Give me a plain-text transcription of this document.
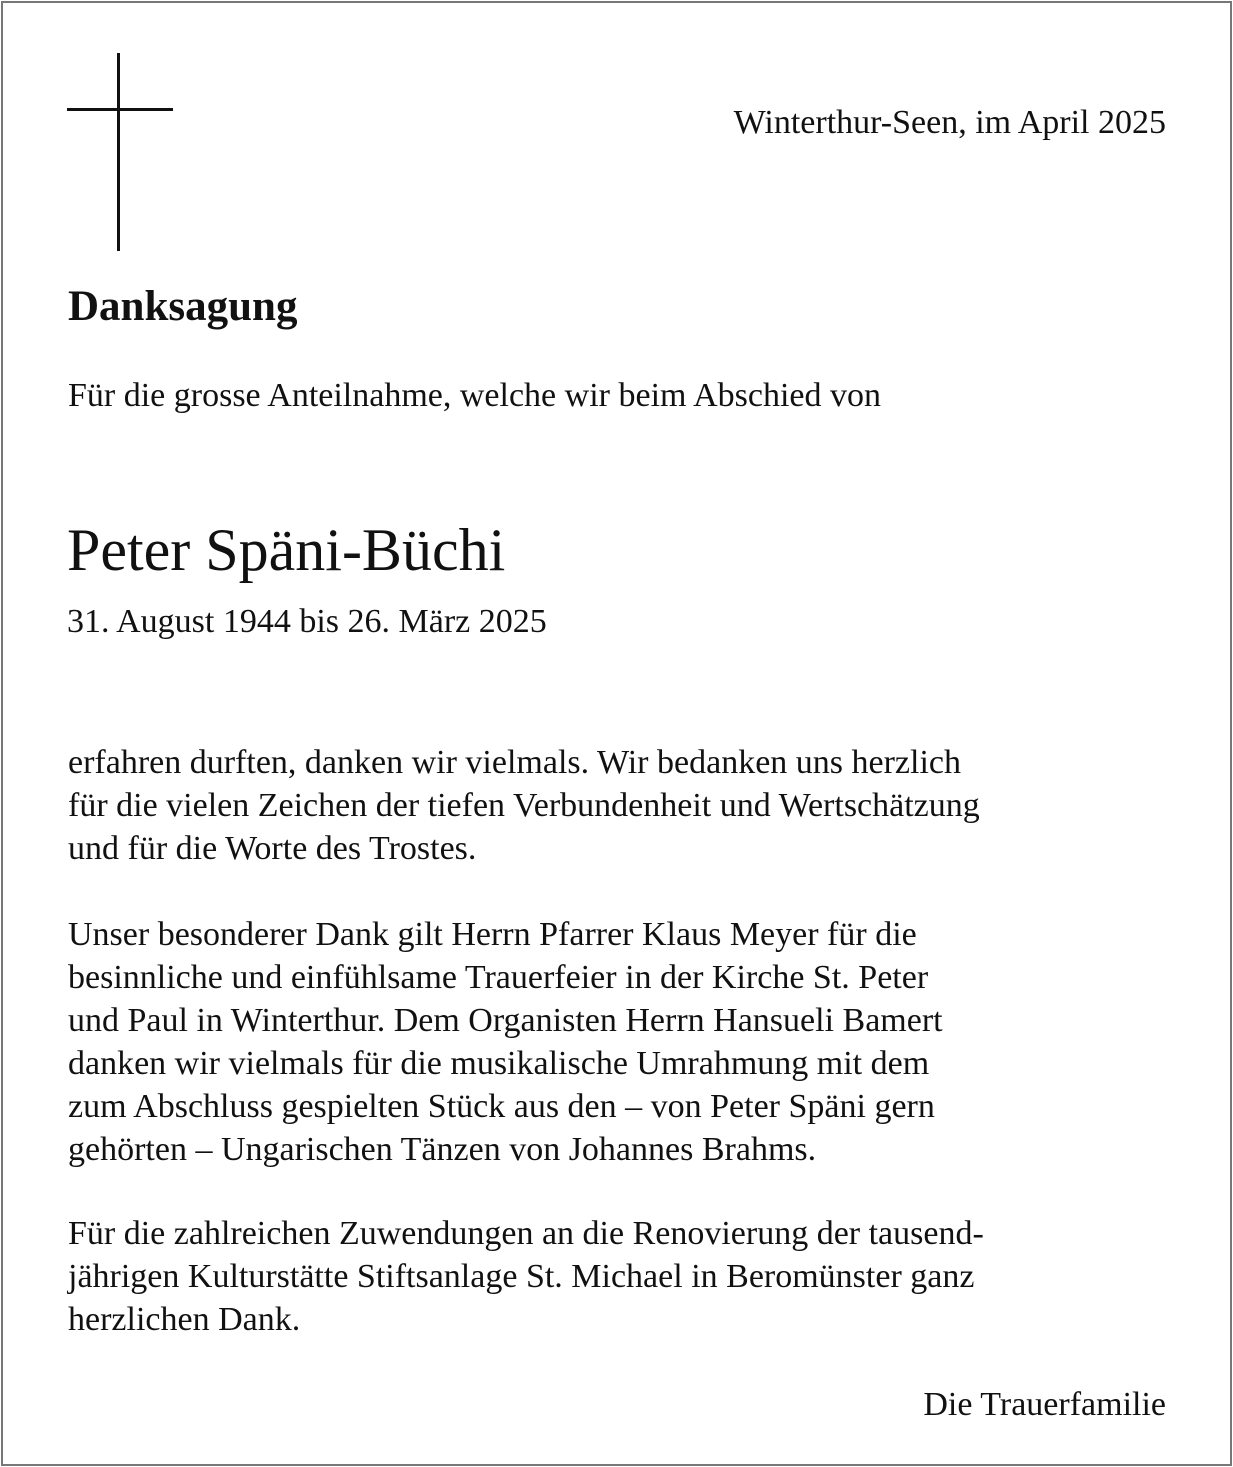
Winterthur-Seen, im April 2025
Danksagung
Für die grosse Anteilnahme, welche wir beim Abschied von
Peter Späni-Büchi
31. August 1944 bis 26. März 2025
erfahren durften, danken wir vielmals. Wir bedanken uns herzlich
für die vielen Zeichen der tiefen Verbundenheit und Wertschätzung
und für die Worte des Trostes.
Unser besonderer Dank gilt Herrn Pfarrer Klaus Meyer für die
besinnliche und einfühlsame Trauerfeier in der Kirche St. Peter
und Paul in Winterthur. Dem Organisten Herrn Hansueli Bamert
danken wir vielmals für die musikalische Umrahmung mit dem
zum Abschluss gespielten Stück aus den – von Peter Späni gern
gehörten – Ungarischen Tänzen von Johannes Brahms.
Für die zahlreichen Zuwendungen an die Renovierung der tausend-
jährigen Kulturstätte Stiftsanlage St. Michael in Beromünster ganz
herzlichen Dank.
Die Trauerfamilie
